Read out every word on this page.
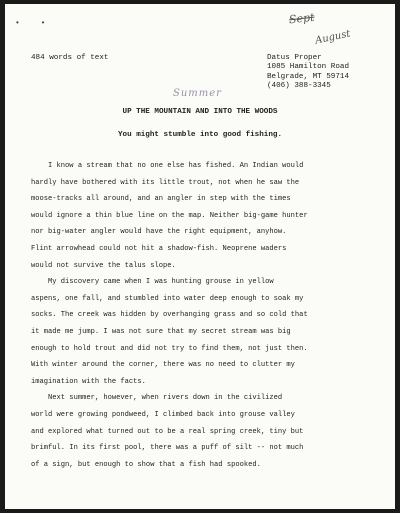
• •	Sept
August
Summer
484 words of text	Datus Proper
1085 Hamilton Road
Belgrade, MT 59714
(406) 388-3345
UP THE MOUNTAIN AND INTO THE WOODS
You might stumble into good fishing.
I know a stream that no one else has fished. An Indian would
hardly have bothered with its little trout, not when he saw the
moose-tracks all around, and an angler in step with the times
would ignore a thin blue line on the map. Neither big-game hunter
nor big-water angler would have the right equipment, anyhow.
Flint arrowhead could not hit a shadow-fish. Neoprene waders
would not survive the talus slope.
My discovery came when I was hunting grouse in yellow
aspens, one fall, and stumbled into water deep enough to soak my
socks. The creek was hidden by overhanging grass and so cold that
it made me jump. I was not sure that my secret stream was big
enough to hold trout and did not try to find them, not just then.
With winter around the corner, there was no need to clutter my
imagination with the facts.
Next summer, however, when rivers down in the civilized
world were growing pondweed, I climbed back into grouse valley
and explored what turned out to be a real spring creek, tiny but
brimful. In its first pool, there was a puff of silt -- not much
of a sign, but enough to show that a fish had spooked.
